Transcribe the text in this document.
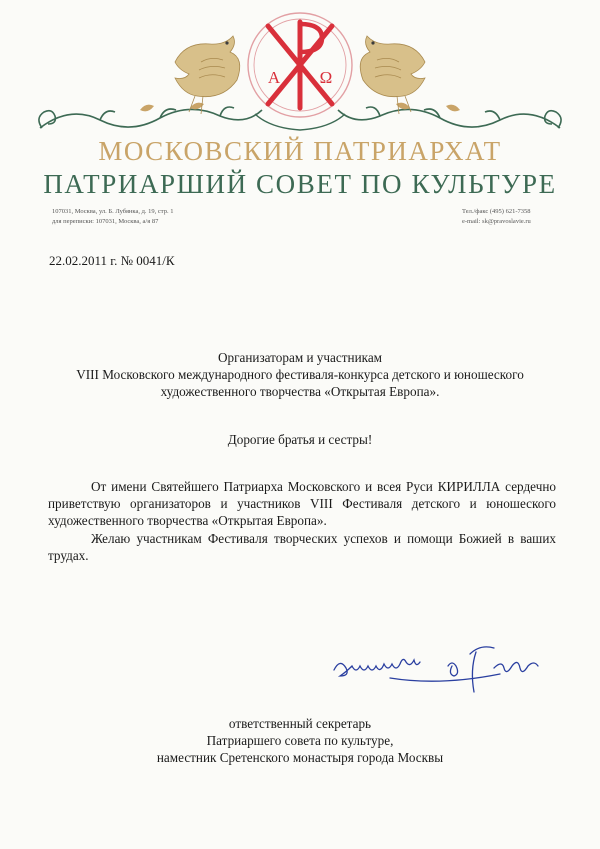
Α Ω
МОСКОВСКИЙ ПАТРИАРХАТ
ПАТРИАРШИЙ СОВЕТ ПО КУЛЬТУРЕ
107031, Москва, ул. Б. Лубянка, д. 19, стр. 1
для переписки: 107031, Москва, а/я 87
Тел./факс (495) 621-7358
e-mail: sk@pravoslavie.ru
22.02.2011 г. № 0041/К
Организаторам и участникам
VIII Московского международного фестиваля-конкурса детского и юношеского
художественного творчества «Открытая Европа».
Дорогие братья и сестры!
От имени Святейшего Патриарха Московского и всея Руси КИРИЛЛА сердечно приветствую организаторов и участников VIII Фестиваля детского и юношеского художественного творчества «Открытая Европа».
Желаю участникам Фестиваля творческих успехов и помощи Божией в ваших трудах.
ответственный секретарь
Патриаршего совета по культуре,
наместник Сретенского монастыря города Москвы
